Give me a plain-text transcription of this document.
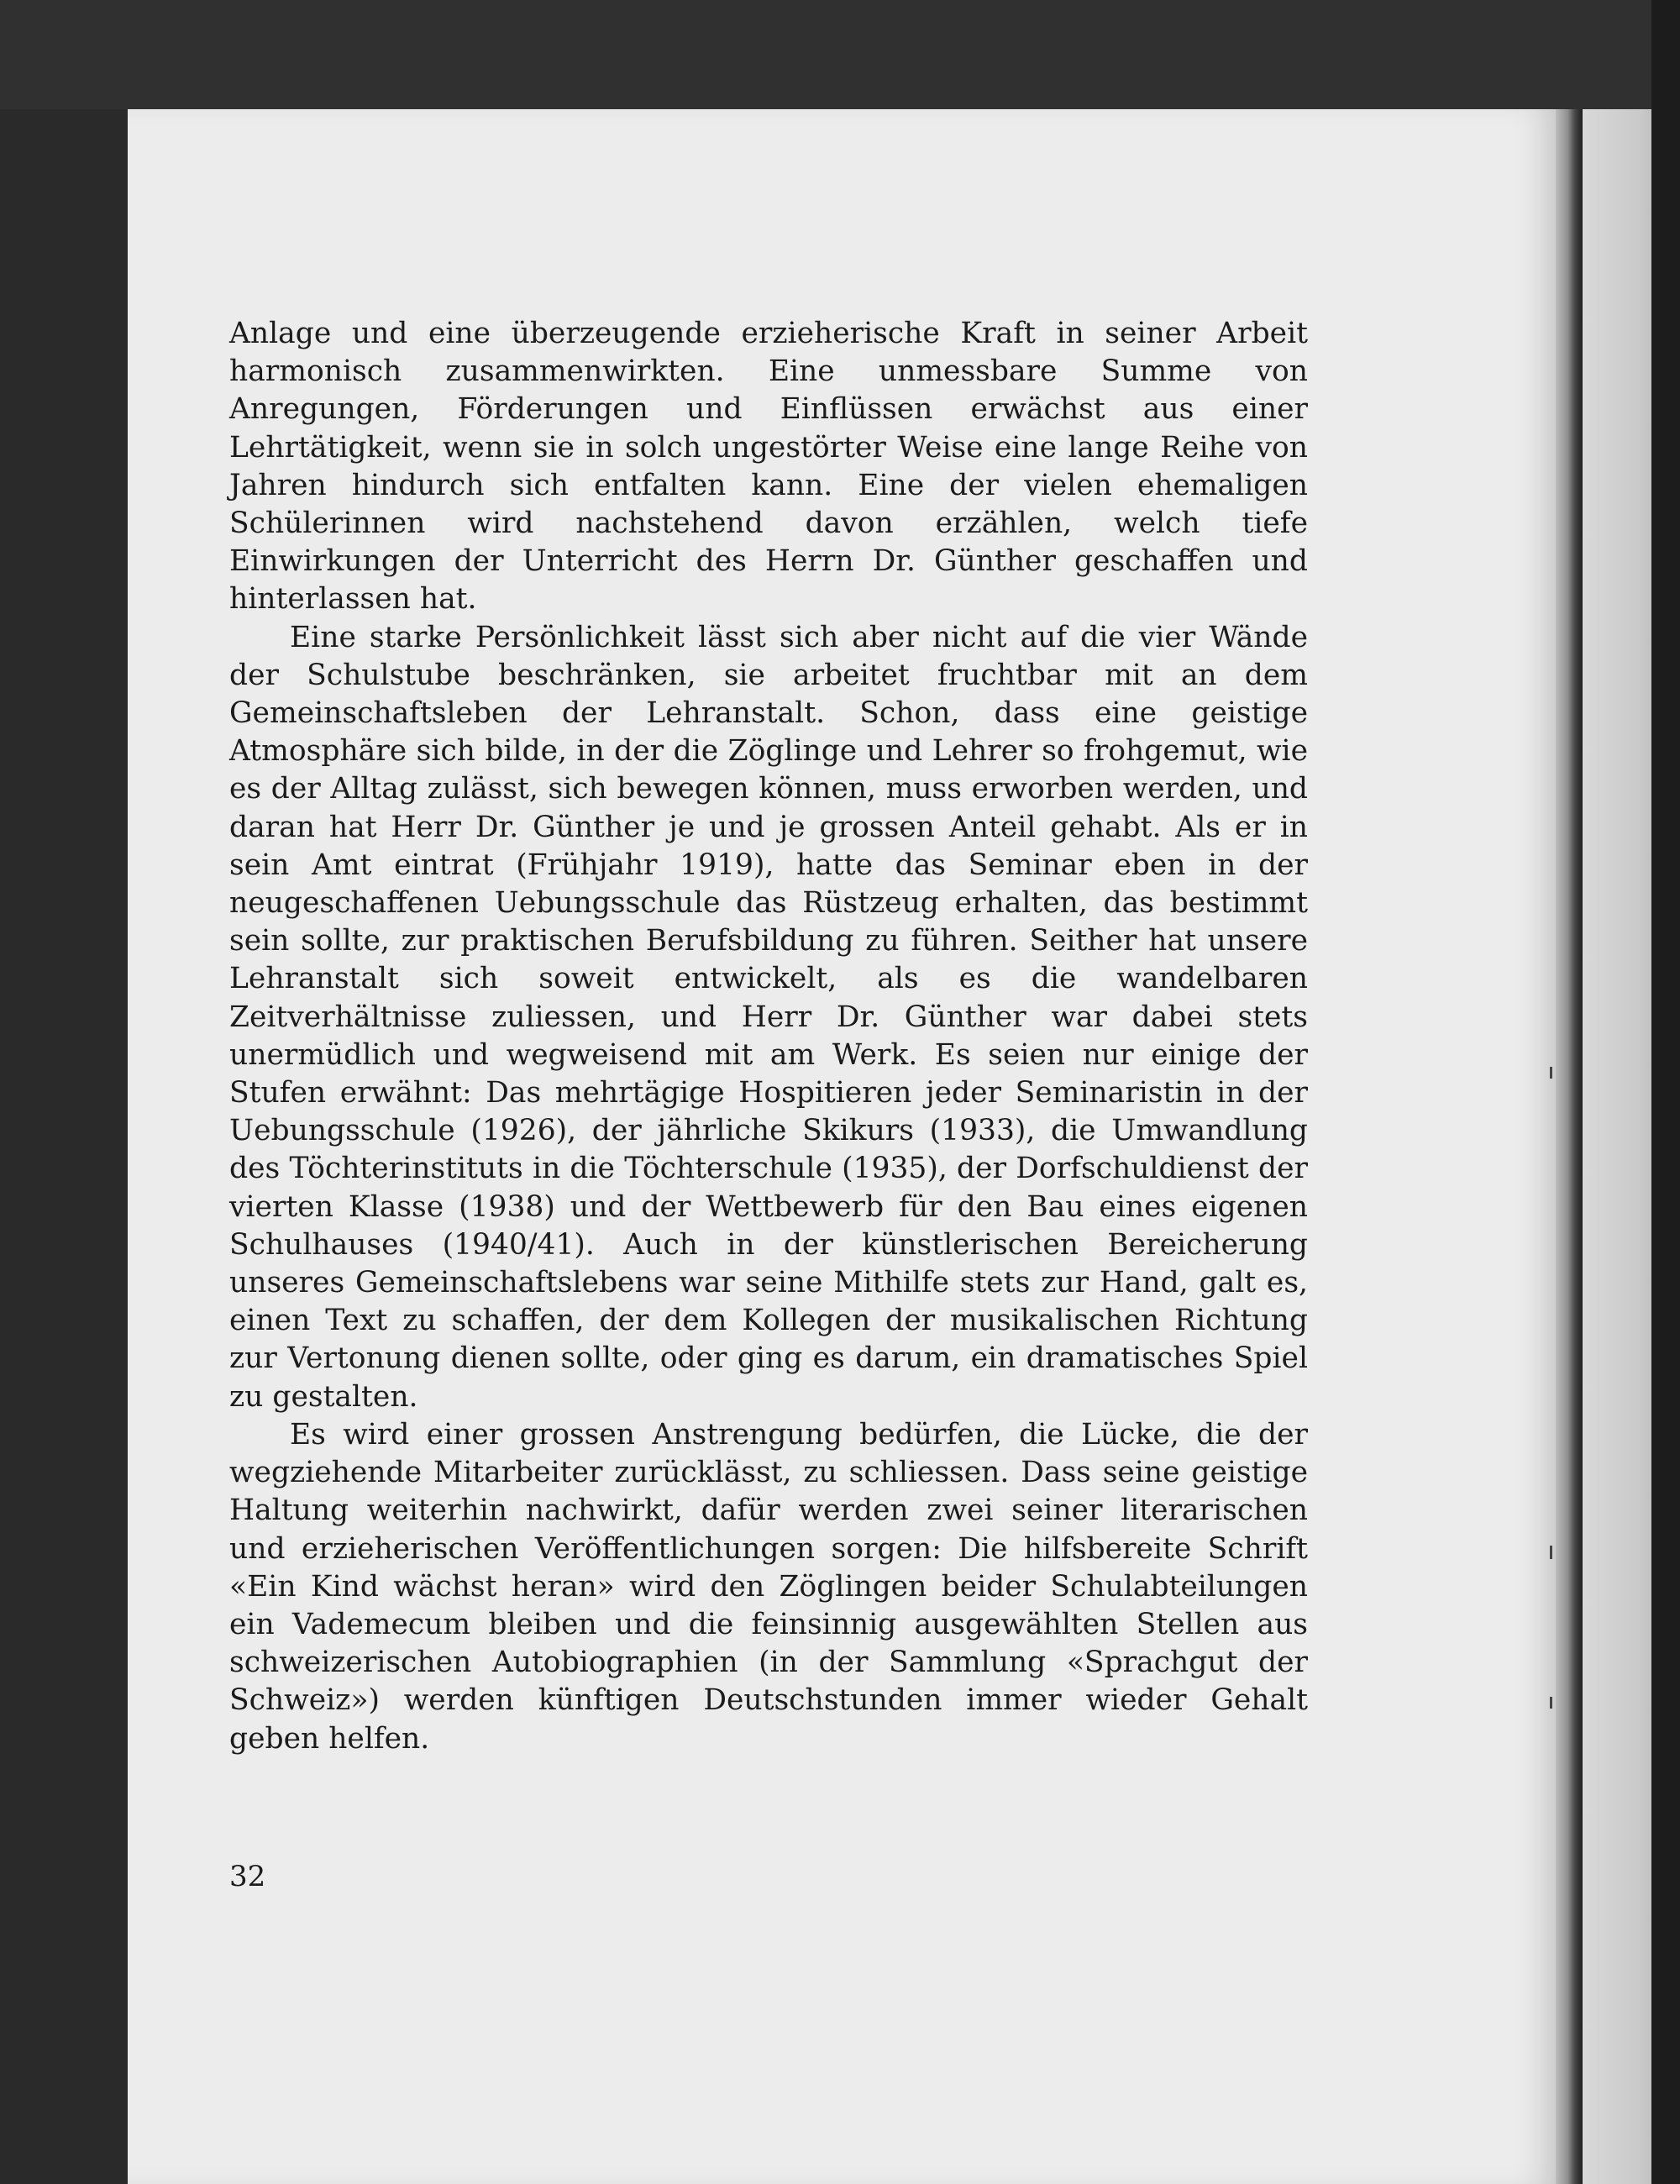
Anlage und eine überzeugende erzieherische Kraft in seiner Arbeit harmonisch zusammenwirkten. Eine unmessbare Summe von Anregungen, Förderungen und Einflüssen erwächst aus einer Lehrtätigkeit, wenn sie in solch ungestörter Weise eine lange Reihe von Jahren hindurch sich entfalten kann. Eine der vielen ehemaligen Schülerinnen wird nachstehend davon erzählen, welch tiefe Einwirkungen der Unterricht des Herrn Dr. Günther geschaffen und hinterlassen hat.

Eine starke Persönlichkeit lässt sich aber nicht auf die vier Wände der Schulstube beschränken, sie arbeitet fruchtbar mit an dem Gemeinschaftsleben der Lehranstalt. Schon, dass eine geistige Atmosphäre sich bilde, in der die Zöglinge und Lehrer so frohgemut, wie es der Alltag zulässt, sich bewegen können, muss erworben werden, und daran hat Herr Dr. Günther je und je grossen Anteil gehabt. Als er in sein Amt eintrat (Frühjahr 1919), hatte das Seminar eben in der neugeschaffenen Uebungsschule das Rüstzeug erhalten, das bestimmt sein sollte, zur praktischen Berufsbildung zu führen. Seither hat unsere Lehranstalt sich soweit entwickelt, als es die wandelbaren Zeitverhältnisse zuliessen, und Herr Dr. Günther war dabei stets unermüdlich und wegweisend mit am Werk. Es seien nur einige der Stufen erwähnt: Das mehrtägige Hospitieren jeder Seminaristin in der Uebungsschule (1926), der jährliche Skikurs (1933), die Umwandlung des Töchterinstituts in die Töchterschule (1935), der Dorfschuldienst der vierten Klasse (1938) und der Wettbewerb für den Bau eines eigenen Schulhauses (1940/41). Auch in der künstlerischen Bereicherung unseres Gemeinschaftslebens war seine Mithilfe stets zur Hand, galt es, einen Text zu schaffen, der dem Kollegen der musikalischen Richtung zur Vertonung dienen sollte, oder ging es darum, ein dramatisches Spiel zu gestalten.

Es wird einer grossen Anstrengung bedürfen, die Lücke, die der wegziehende Mitarbeiter zurücklässt, zu schliessen. Dass seine geistige Haltung weiterhin nachwirkt, dafür werden zwei seiner literarischen und erzieherischen Veröffentlichungen sorgen: Die hilfsbereite Schrift «Ein Kind wächst heran» wird den Zöglingen beider Schulabteilungen ein Vademecum bleiben und die feinsinnig ausgewählten Stellen aus schweizerischen Autobiographien (in der Sammlung «Sprachgut der Schweiz») werden künftigen Deutschstunden immer wieder Gehalt geben helfen.

32
